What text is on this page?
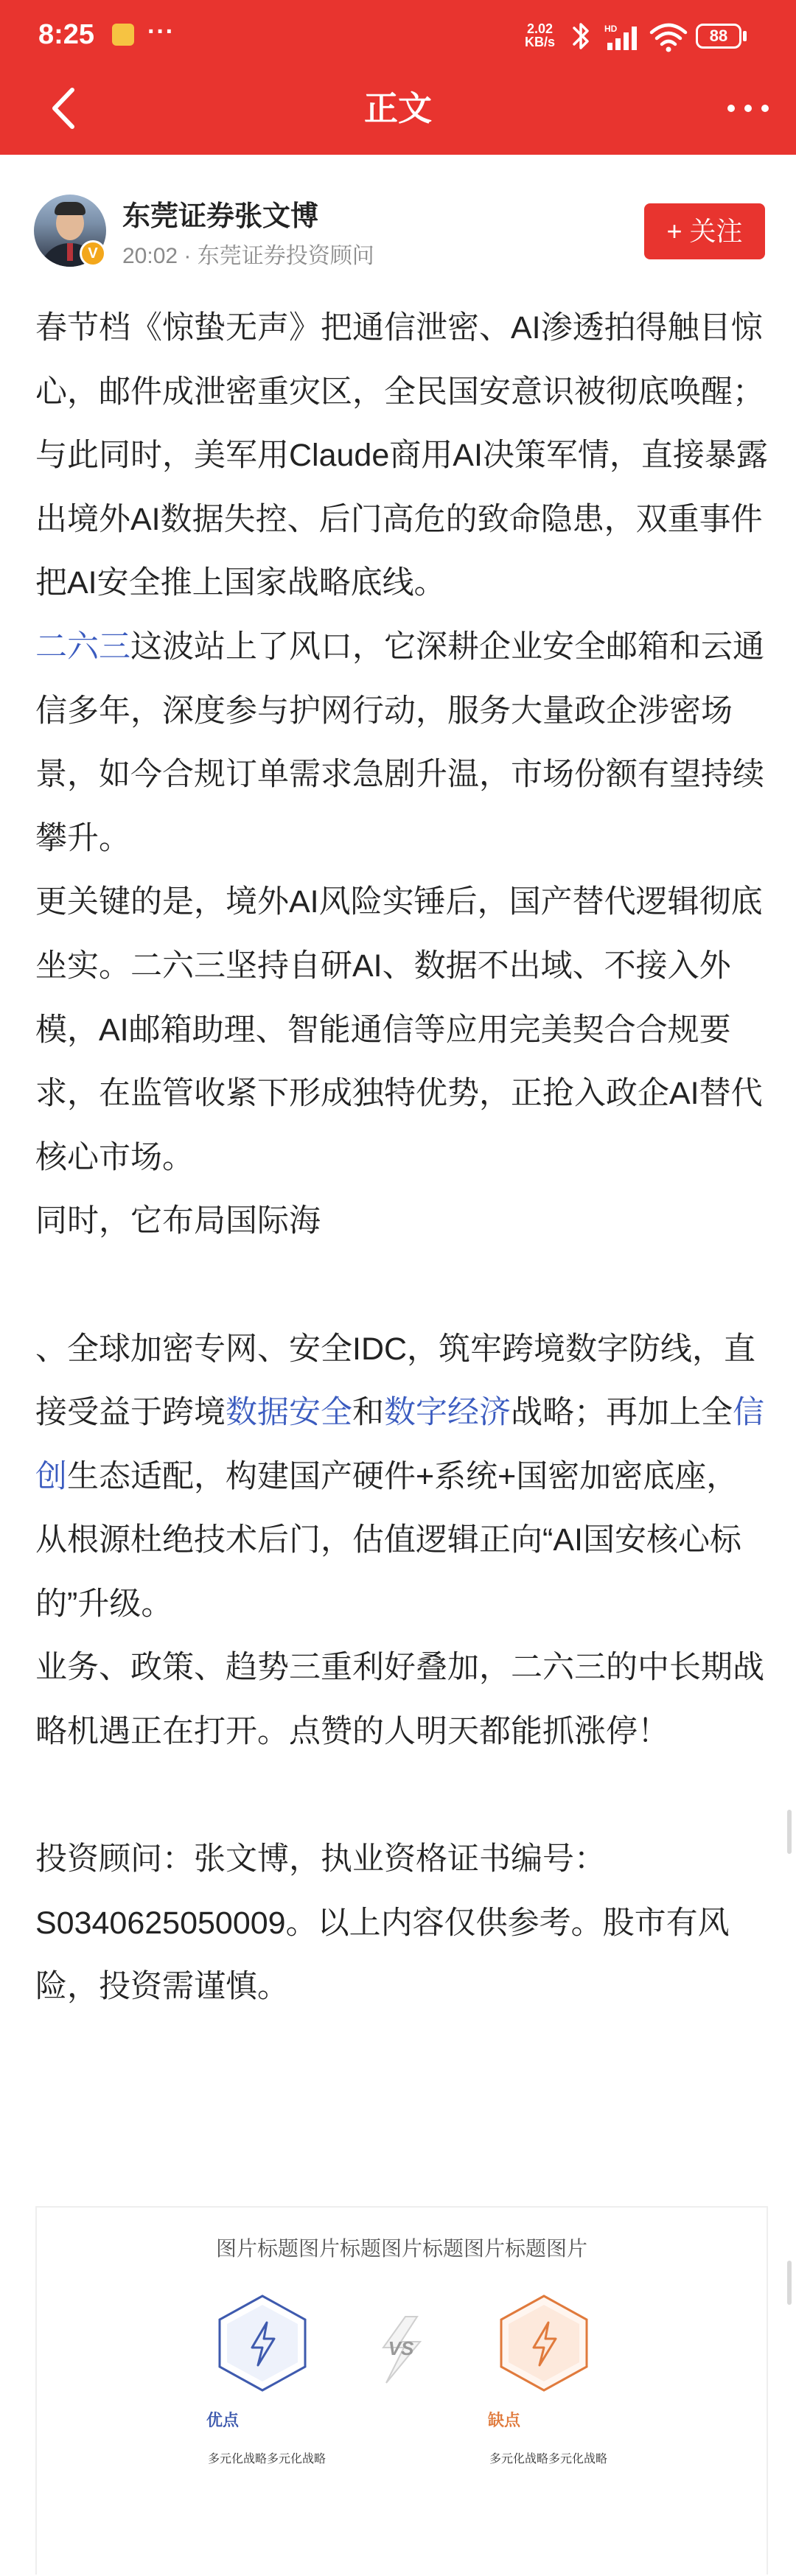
8:25 ···	2.02
KB/s
HD	88
正文
V
东莞证券张文博
20:02 · 东莞证券投资顾问
+ 关注

春节档《惊蛰无声》把通信泄密、AI渗透拍得触目惊心，邮件成泄密重灾区，全民国安意识被彻底唤醒；与此同时，美军用Claude商用AI决策军情，直接暴露出境外AI数据失控、后门高危的致命隐患，双重事件把AI安全推上国家战略底线。

二六三这波站上了风口，它深耕企业安全邮箱和云通信多年，深度参与护网行动，服务大量政企涉密场景，如今合规订单需求急剧升温，市场份额有望持续攀升。

更关键的是，境外AI风险实锤后，国产替代逻辑彻底坐实。二六三坚持自研AI、数据不出域、不接入外模，AI邮箱助理、智能通信等应用完美契合合规要求，在监管收紧下形成独特优势，正抢入政企AI替代核心市场。

同时，它布局国际海

、全球加密专网、安全IDC，筑牢跨境数字防线，直接受益于跨境数据安全和数字经济战略；再加上全信创生态适配，构建国产硬件+系统+国密加密底座，从根源杜绝技术后门，估值逻辑正向“AI国安核心标的”升级。

业务、政策、趋势三重利好叠加，二六三的中长期战略机遇正在打开。点赞的人明天都能抓涨停！

投资顾问：张文博，执业资格证书编号：S0340625050009。以上内容仅供参考。股市有风险，投资需谨慎。

图片标题图片标题图片标题图片标题图片
VS
优点	缺点
多元化战略多元化战略	多元化战略多元化战略
